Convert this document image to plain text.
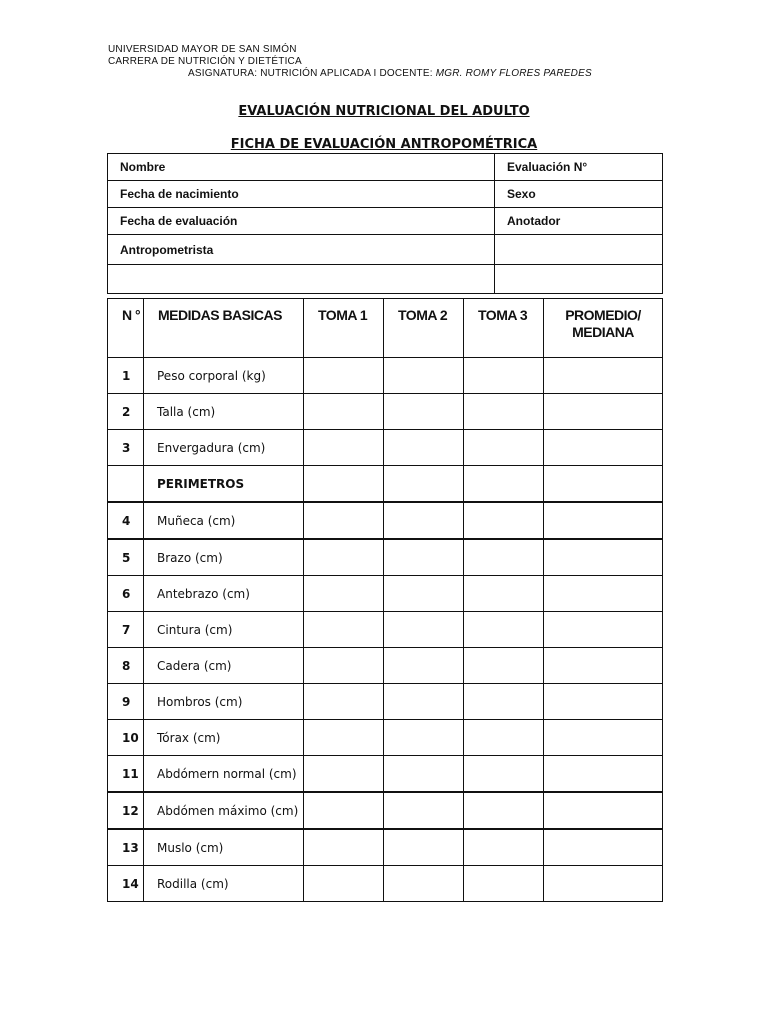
UNIVERSIDAD MAYOR DE SAN SIMÓN
CARRERA DE NUTRICIÓN Y DIETÉTICA
ASIGNATURA: NUTRICIÓN APLICADA I DOCENTE: MGR. ROMY FLORES PAREDES
EVALUACIÓN NUTRICIONAL DEL ADULTO
FICHA DE EVALUACIÓN ANTROPOMÉTRICA
Nombre	Evaluación N°
Fecha de nacimiento	Sexo
Fecha de evaluación	Anotador
Antropometrista	

N °	MEDIDAS BASICAS	TOMA 1	TOMA 2	TOMA 3	PROMEDIO/ MEDIANA
1	Peso corporal (kg)				
2	Talla (cm)				
3	Envergadura (cm)				
	PERIMETROS				
4	Muñeca (cm)				
5	Brazo (cm)				
6	Antebrazo (cm)				
7	Cintura (cm)				
8	Cadera (cm)				
9	Hombros (cm)				
10	Tórax (cm)				
11	Abdómern normal (cm)				
12	Abdómen máximo (cm)				
13	Muslo (cm)				
14	Rodilla (cm)				
